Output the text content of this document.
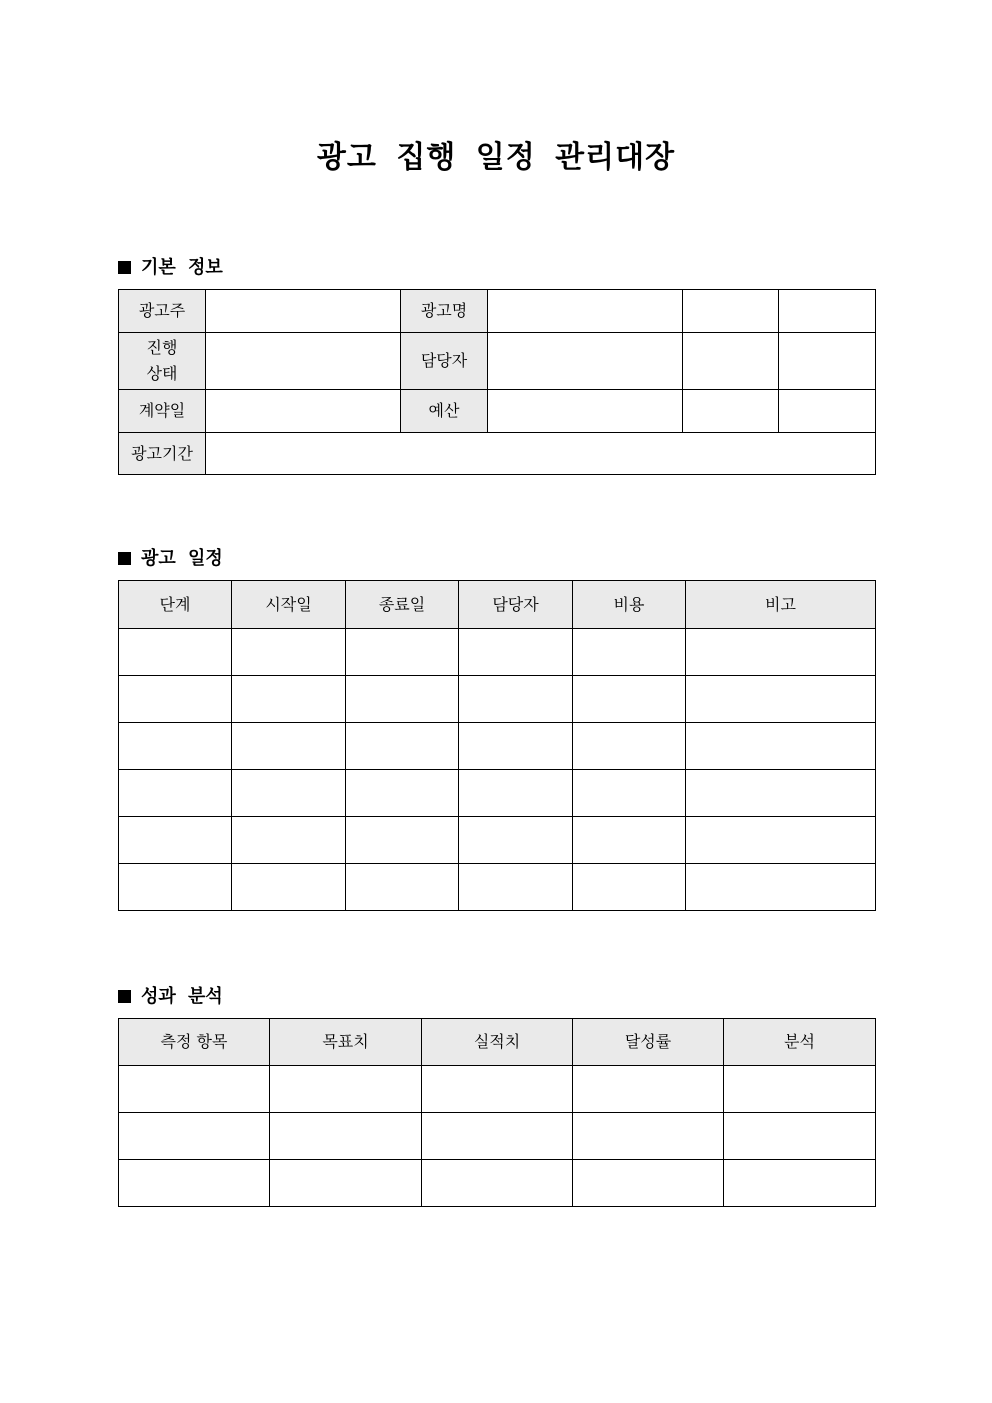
광고 집행 일정 관리대장
기본 정보
광고주		광고명			

진행
상태		담당자			
계약일		예산			
광고기간					
광고 일정
단계	시작일	종료일	담당자	비용	비고

성과 분석
측정 항목	목표치	실적치	달성률	분석
